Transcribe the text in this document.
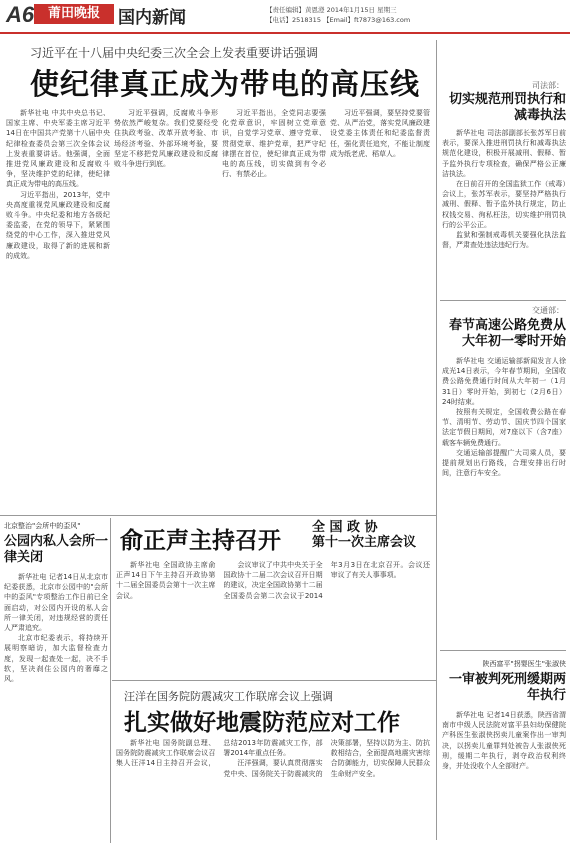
A6	莆田晚报	国内新闻	【责任编辑】黄恩澄 2014年1月15日 星期三
【电话】2518315 【Email】ft7873@163.com
习近平在十八届中央纪委三次全会上发表重要讲话强调
使纪律真正成为带电的高压线

新华社电 中共中央总书记、国家主席、中央军委主席习近平14日在中国共产党第十八届中央纪律检查委员会第三次全体会议上发表重要讲话。他强调，全面推进党风廉政建设和反腐败斗争，坚决维护党的纪律，使纪律真正成为带电的高压线。

习近平指出，2013年，党中央高度重视党风廉政建设和反腐败斗争。中央纪委和地方各级纪委监委，在党的领导下，紧紧围绕党的中心工作，深入推进党风廉政建设，取得了新的进展和新的成效。

习近平强调，反腐败斗争形势依然严峻复杂。我们党要经受住执政考验、改革开放考验、市场经济考验、外部环境考验，要坚定不移把党风廉政建设和反腐败斗争进行到底。

习近平指出，全党同志要强化党章意识，牢固树立党章意识，自觉学习党章、遵守党章、贯彻党章、维护党章，把严守纪律摆在首位，使纪律真正成为带电的高压线，切实做到有令必行、有禁必止。

习近平强调，要坚持党要管党、从严治党，落实党风廉政建设党委主体责任和纪委监督责任，强化责任追究，不能让制度成为纸老虎、稻草人。

司法部：
切实规范刑罚执行和减毒执法

新华社电 司法部副部长张苏军日前表示，要深入推进刑罚执行和减毒执法规范化建设，积极开展减刑、假释、暂予监外执行专项检查，确保严格公正廉洁执法。

在日前召开的全国监狱工作（戒毒）会议上，张苏军表示，要坚持严格执行减刑、假释、暂予监外执行规定，防止权钱交易、徇私枉法，切实维护刑罚执行的公平公正。

监狱和强制戒毒机关要强化执法监督，严肃查处违法违纪行为。

交通部：
春节高速公路免费从大年初一零时开始

新华社电 交通运输部新闻发言人徐成光14日表示，今年春节期间，全国收费公路免费通行时间从大年初一（1月31日）零时开始，到初七（2月6日）24时结束。

按照有关规定，全国收费公路在春节、清明节、劳动节、国庆节四个国家法定节假日期间，对7座以下（含7座）载客车辆免费通行。

交通运输部提醒广大司乘人员，要提前规划出行路线，合理安排出行时间，注意行车安全。

北京整治"会所中的歪风"
公园内私人会所一律关闭

新华社电 记者14日从北京市纪委获悉，北京市公园中的"会所中的歪风"专项整治工作日前已全面启动，对公园内开设的私人会所一律关闭，对违规经营的责任人严肃追究。

北京市纪委表示，将持续开展明察暗访，加大监督检查力度，发现一起查处一起，决不手软，坚决刹住公园内的奢靡之风。

俞正声主持召开
全 国 政 协
第十一次主席会议

新华社电 全国政协主席俞正声14日下午主持召开政协第十二届全国委员会第十一次主席会议。

会议审议了中共中央关于全国政协十二届二次会议召开日期的建议，决定全国政协第十二届全国委员会第二次会议于2014年3月3日在北京召开。会议还审议了有关人事事项。

汪洋在国务院防震减灾工作联席会议上强调
扎实做好地震防范应对工作

新华社电 国务院副总理、国务院防震减灾工作联席会议召集人汪洋14日主持召开会议，总结2013年防震减灾工作，部署2014年重点任务。

汪洋强调，要认真贯彻落实党中央、国务院关于防震减灾的决策部署，坚持以防为主、防抗救相结合，全面提高地震灾害综合防御能力，切实保障人民群众生命财产安全。

陕西富平"拐婴医生"张淑侠
一审被判死刑缓期两年执行

新华社电 记者14日获悉，陕西省渭南市中级人民法院对富平县妇幼保健院产科医生张淑侠拐卖儿童案作出一审判决，以拐卖儿童罪判处被告人张淑侠死刑，缓期二年执行，剥夺政治权利终身，并处没收个人全部财产。
